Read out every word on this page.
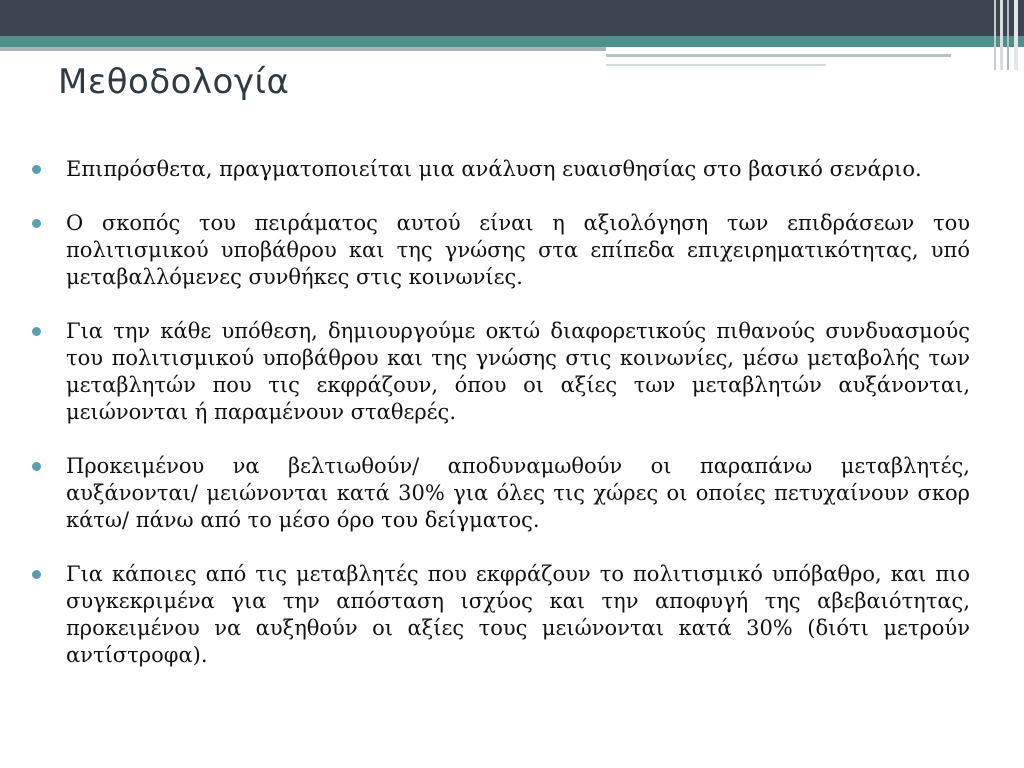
Μεθοδολογία
Επιπρόσθετα, πραγματοποιείται μια ανάλυση ευαισθησίας στο βασικό σενάριο.
Ο σκοπός του πειράματος αυτού είναι η αξιολόγηση των επιδράσεων του πολιτισμικού υποβάθρου και της γνώσης στα επίπεδα επιχειρηματικότητας, υπό μεταβαλλόμενες συνθήκες στις κοινωνίες.
Για την κάθε υπόθεση, δημιουργούμε οκτώ διαφορετικούς πιθανούς συνδυασμούς του πολιτισμικού υποβάθρου και της γνώσης στις κοινωνίες, μέσω μεταβολής των μεταβλητών που τις εκφράζουν, όπου οι αξίες των μεταβλητών αυξάνονται, μειώνονται ή παραμένουν σταθερές.
Προκειμένου να βελτιωθούν/ αποδυναμωθούν οι παραπάνω μεταβλητές, αυξάνονται/ μειώνονται κατά 30% για όλες τις χώρες οι οποίες πετυχαίνουν σκορ κάτω/ πάνω από το μέσο όρο του δείγματος.
Για κάποιες από τις μεταβλητές που εκφράζουν το πολιτισμικό υπόβαθρο, και πιο συγκεκριμένα για την απόσταση ισχύος και την αποφυγή της αβεβαιότητας, προκειμένου να αυξηθούν οι αξίες τους μειώνονται κατά 30% (διότι μετρούν αντίστροφα).
